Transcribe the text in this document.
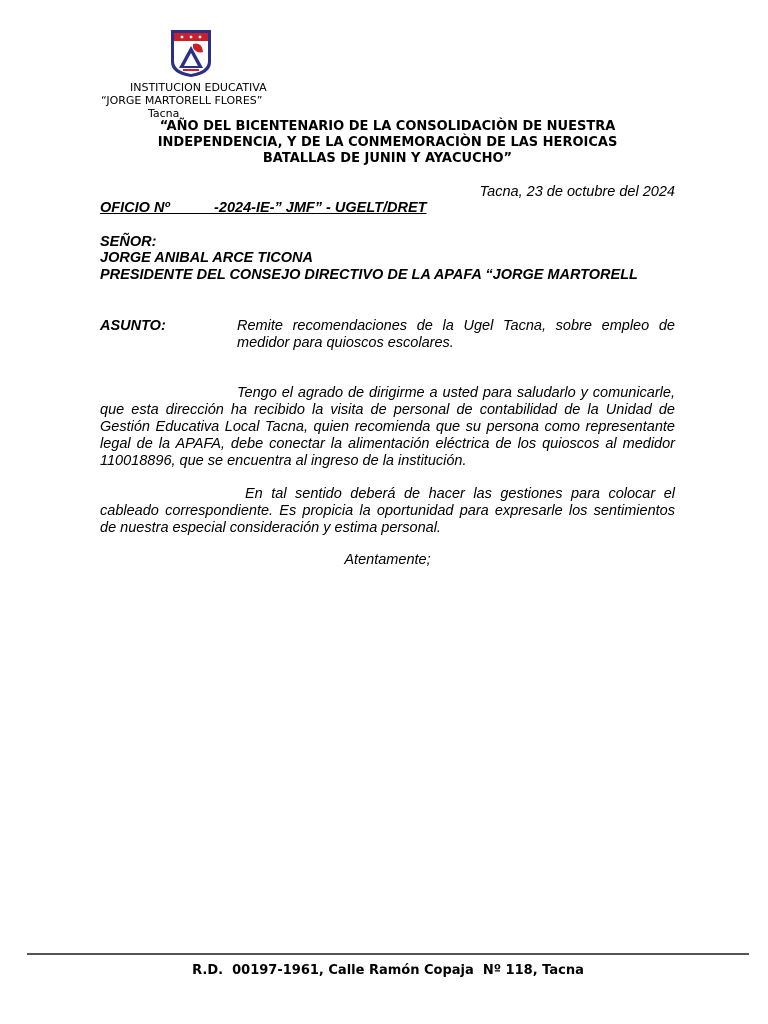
INSTITUCION EDUCATIVA
“JORGE MARTORELL FLORES”
Tacna
“AÑO DEL BICENTENARIO DE LA CONSOLIDACIÒN DE NUESTRA
INDEPENDENCIA, Y DE LA CONMEMORACIÒN DE LAS HEROICAS
BATALLAS DE JUNIN Y AYACUCHO”
Tacna, 23 de octubre del 2024
OFICIO Nº           -2024-IE-” JMF” - UGELT/DRET
SEÑOR:
JORGE ANIBAL ARCE TICONA
PRESIDENTE DEL CONSEJO DIRECTIVO DE LA APAFA “JORGE MARTORELL
ASUNTO:	Remite recomendaciones de la Ugel Tacna, sobre empleo de medidor para quioscos escolares.
Tengo el agrado de dirigirme a usted para saludarlo y comunicarle, que esta dirección ha recibido la visita de personal de contabilidad de la Unidad de Gestión Educativa Local Tacna, quien recomienda que su persona como representante legal de la APAFA, debe conectar la alimentación eléctrica de los quioscos al medidor 110018896, que se encuentra al ingreso de la institución.
En tal sentido deberá de hacer las gestiones para colocar el cableado correspondiente. Es propicia la oportunidad para expresarle los sentimientos de nuestra especial consideración y estima personal.
Atentamente;
R.D.  00197-1961, Calle Ramón Copaja  Nº 118, Tacna
